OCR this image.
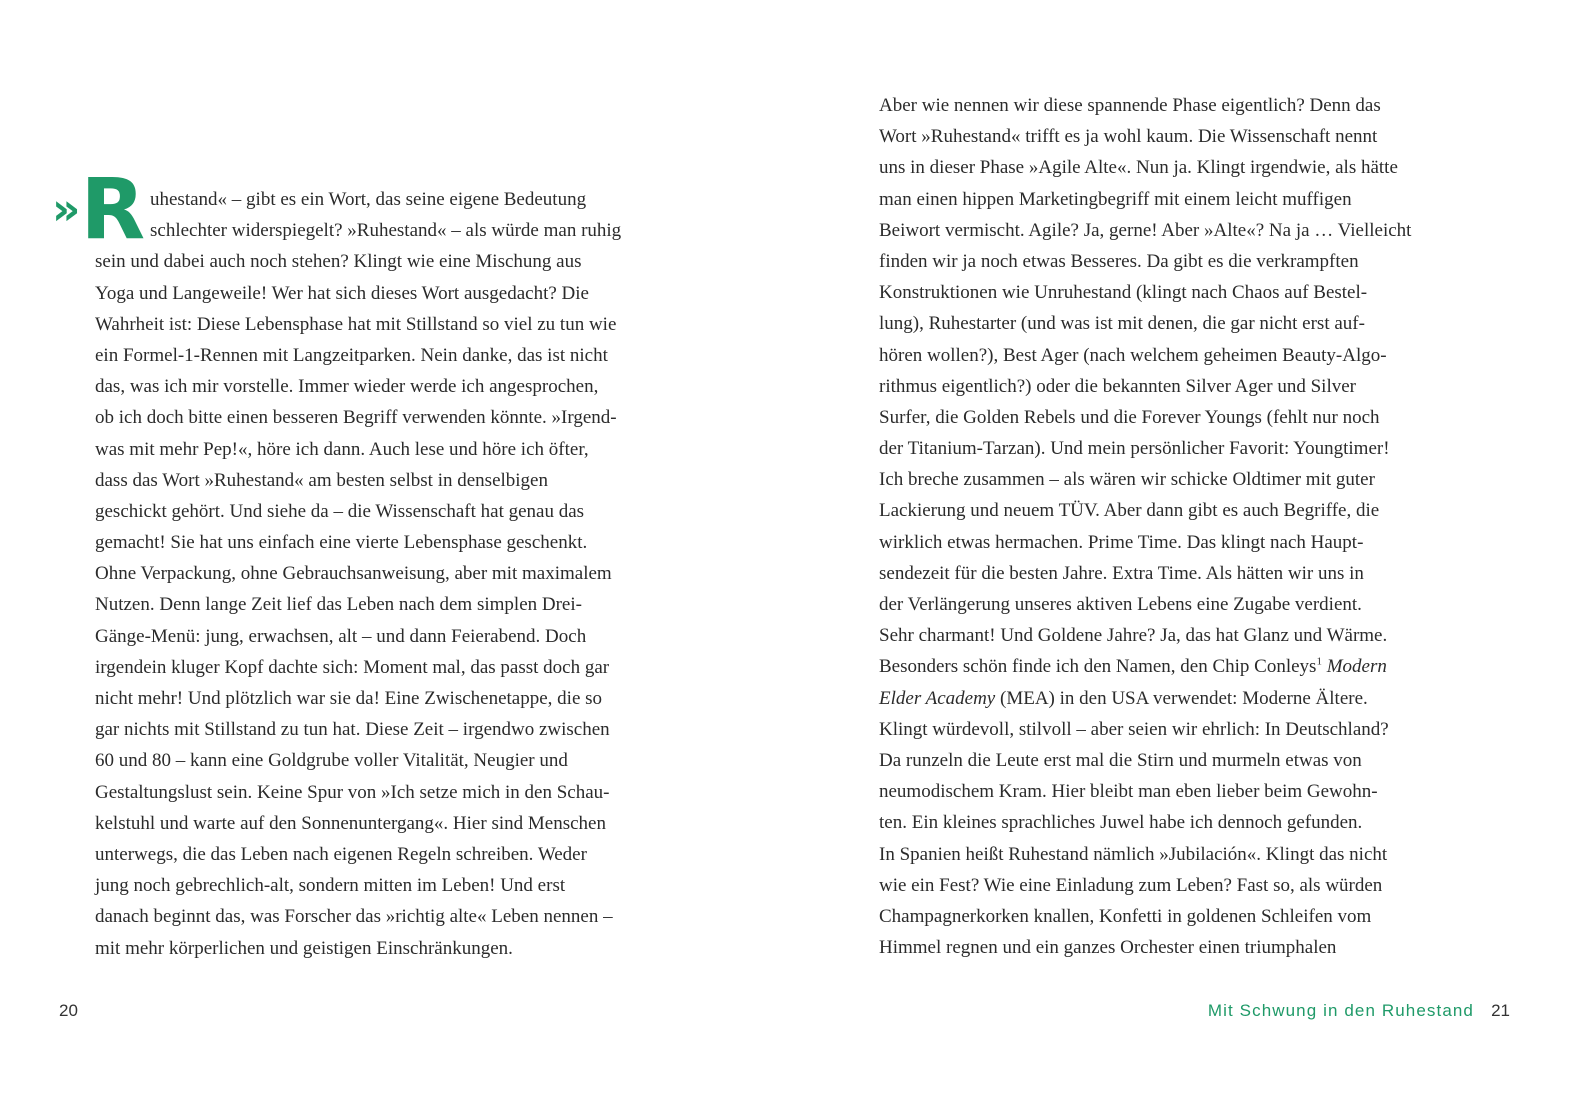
» R uhestand« – gibt es ein Wort, das seine eigene Bedeutung
schlechter widerspiegelt? »Ruhestand« – als würde man ruhig
sein und dabei auch noch stehen? Klingt wie eine Mischung aus
Yoga und Langeweile! Wer hat sich dieses Wort ausgedacht? Die
Wahrheit ist: Diese Lebensphase hat mit Stillstand so viel zu tun wie
ein Formel-1-Rennen mit Langzeitparken. Nein danke, das ist nicht
das, was ich mir vorstelle. Immer wieder werde ich angesprochen,
ob ich doch bitte einen besseren Begriff verwenden könnte. »Irgend-
was mit mehr Pep!«, höre ich dann. Auch lese und höre ich öfter,
dass das Wort »Ruhestand« am besten selbst in denselbigen
geschickt gehört. Und siehe da – die Wissenschaft hat genau das
gemacht! Sie hat uns einfach eine vierte Lebensphase geschenkt.
Ohne Verpackung, ohne Gebrauchsanweisung, aber mit maximalem
Nutzen. Denn lange Zeit lief das Leben nach dem simplen Drei-
Gänge-Menü: jung, erwachsen, alt – und dann Feierabend. Doch
irgendein kluger Kopf dachte sich: Moment mal, das passt doch gar
nicht mehr! Und plötzlich war sie da! Eine Zwischenetappe, die so
gar nichts mit Stillstand zu tun hat. Diese Zeit – irgendwo zwischen
60 und 80 – kann eine Goldgrube voller Vitalität, Neugier und
Gestaltungslust sein. Keine Spur von »Ich setze mich in den Schau-
kelstuhl und warte auf den Sonnenuntergang«. Hier sind Menschen
unterwegs, die das Leben nach eigenen Regeln schreiben. Weder
jung noch gebrechlich-alt, sondern mitten im Leben! Und erst
danach beginnt das, was Forscher das »richtig alte« Leben nennen –
mit mehr körperlichen und geistigen Einschränkungen.
20
Aber wie nennen wir diese spannende Phase eigentlich? Denn das
Wort »Ruhestand« trifft es ja wohl kaum. Die Wissenschaft nennt
uns in dieser Phase »Agile Alte«. Nun ja. Klingt irgendwie, als hätte
man einen hippen Marketingbegriff mit einem leicht muffigen
Beiwort vermischt. Agile? Ja, gerne! Aber »Alte«? Na ja … Vielleicht
finden wir ja noch etwas Besseres. Da gibt es die verkrampften
Konstruktionen wie Unruhestand (klingt nach Chaos auf Bestel-
lung), Ruhestarter (und was ist mit denen, die gar nicht erst auf-
hören wollen?), Best Ager (nach welchem geheimen Beauty-Algo-
rithmus eigentlich?) oder die bekannten Silver Ager und Silver
Surfer, die Golden Rebels und die Forever Youngs (fehlt nur noch
der Titanium-Tarzan). Und mein persönlicher Favorit: Youngtimer!
Ich breche zusammen – als wären wir schicke Oldtimer mit guter
Lackierung und neuem TÜV. Aber dann gibt es auch Begriffe, die
wirklich etwas hermachen. Prime Time. Das klingt nach Haupt-
sendezeit für die besten Jahre. Extra Time. Als hätten wir uns in
der Verlängerung unseres aktiven Lebens eine Zugabe verdient.
Sehr charmant! Und Goldene Jahre? Ja, das hat Glanz und Wärme.
Besonders schön finde ich den Namen, den Chip Conleys$^1$ Modern
Elder Academy (MEA) in den USA verwendet: Moderne Ältere.
Klingt würdevoll, stilvoll – aber seien wir ehrlich: In Deutschland?
Da runzeln die Leute erst mal die Stirn und murmeln etwas von
neumodischem Kram. Hier bleibt man eben lieber beim Gewohn-
ten. Ein kleines sprachliches Juwel habe ich dennoch gefunden.
In Spanien heißt Ruhestand nämlich »Jubilación«. Klingt das nicht
wie ein Fest? Wie eine Einladung zum Leben? Fast so, als würden
Champagnerkorken knallen, Konfetti in goldenen Schleifen vom
Himmel regnen und ein ganzes Orchester einen triumphalen
Mit Schwung in den Ruhestand 21
